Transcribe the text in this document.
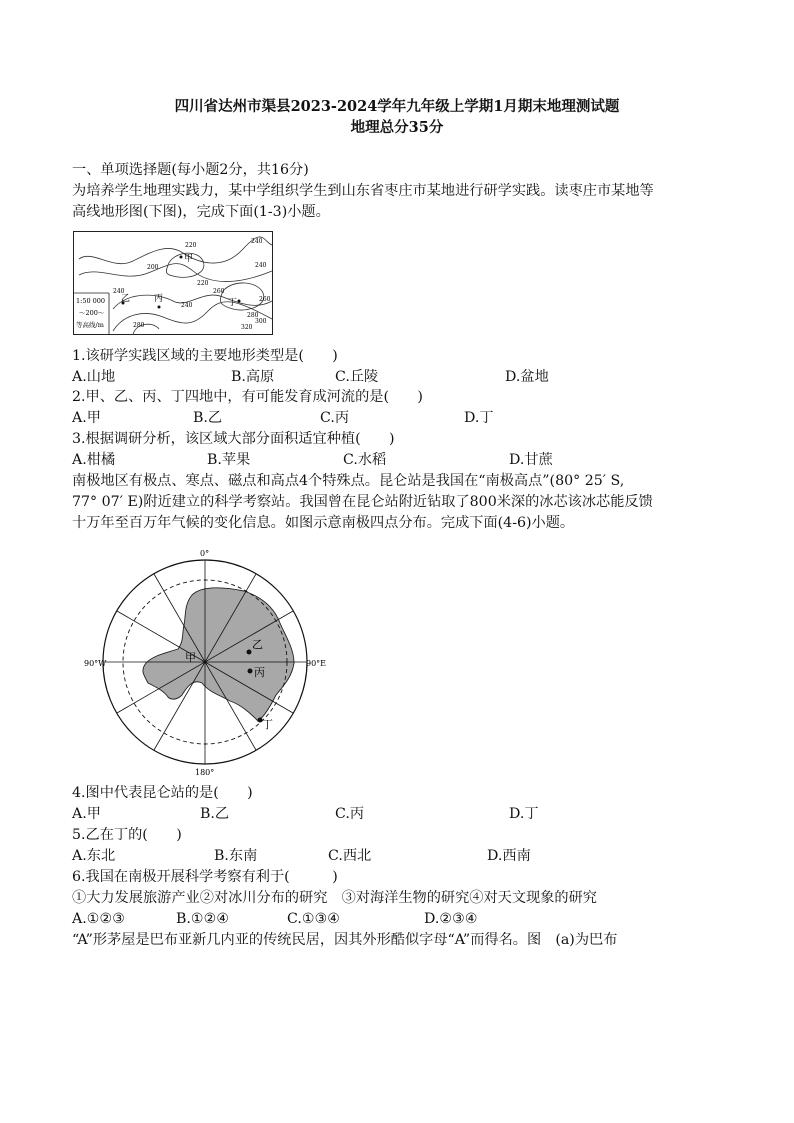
四川省达州市渠县2023-2024学年九年级上学期1月期末地理测试题
地理总分35分
一、单项选择题(每小题2分，共16分)
为培养学生地理实践力，某中学组织学生到山东省枣庄市某地进行研学实践。读枣庄市某地等
高线地形图(下图)，完成下面(1-3)小题。
1:50 000
～200～
等高线/m
240
240
200
220
240
260
280
300
320
240
220
280
260
甲
乙	丙	丁
1.该研学实践区域的主要地形类型是(　　)
A.山地	B.高原	C.丘陵	D.盆地
2.甲、乙、丙、丁四地中，有可能发育成河流的是(　　)
A.甲	B.乙	C.丙	D.丁
3.根据调研分析，该区域大部分面积适宜种植(　　)
A.柑橘	B.苹果	C.水稻	D.甘蔗
南极地区有极点、寒点、磁点和高点4个特殊点。昆仑站是我国在“南极高点”(80° 25′ S,
77° 07′ E)附近建立的科学考察站。我国曾在昆仑站附近钻取了800米深的冰芯该冰芯能反馈
十万年至百万年气候的变化信息。如图示意南极四点分布。完成下面(4-6)小题。
0°
90°W	90°E
180°
甲
乙
丙
丁
4.图中代表昆仑站的是(　　)
A.甲	B.乙	C.丙	D.丁
5.乙在丁的(　　)
A.东北	B.东南	C.西北	D.西南
6.我国在南极开展科学考察有利于(　　　)
①大力发展旅游产业②对冰川分布的研究　③对海洋生物的研究④对天文现象的研究
A.①②③	B.①②④	C.①③④	D.②③④
“A”形茅屋是巴布亚新几内亚的传统民居，因其外形酷似字母“A”而得名。图　(a)为巴布
